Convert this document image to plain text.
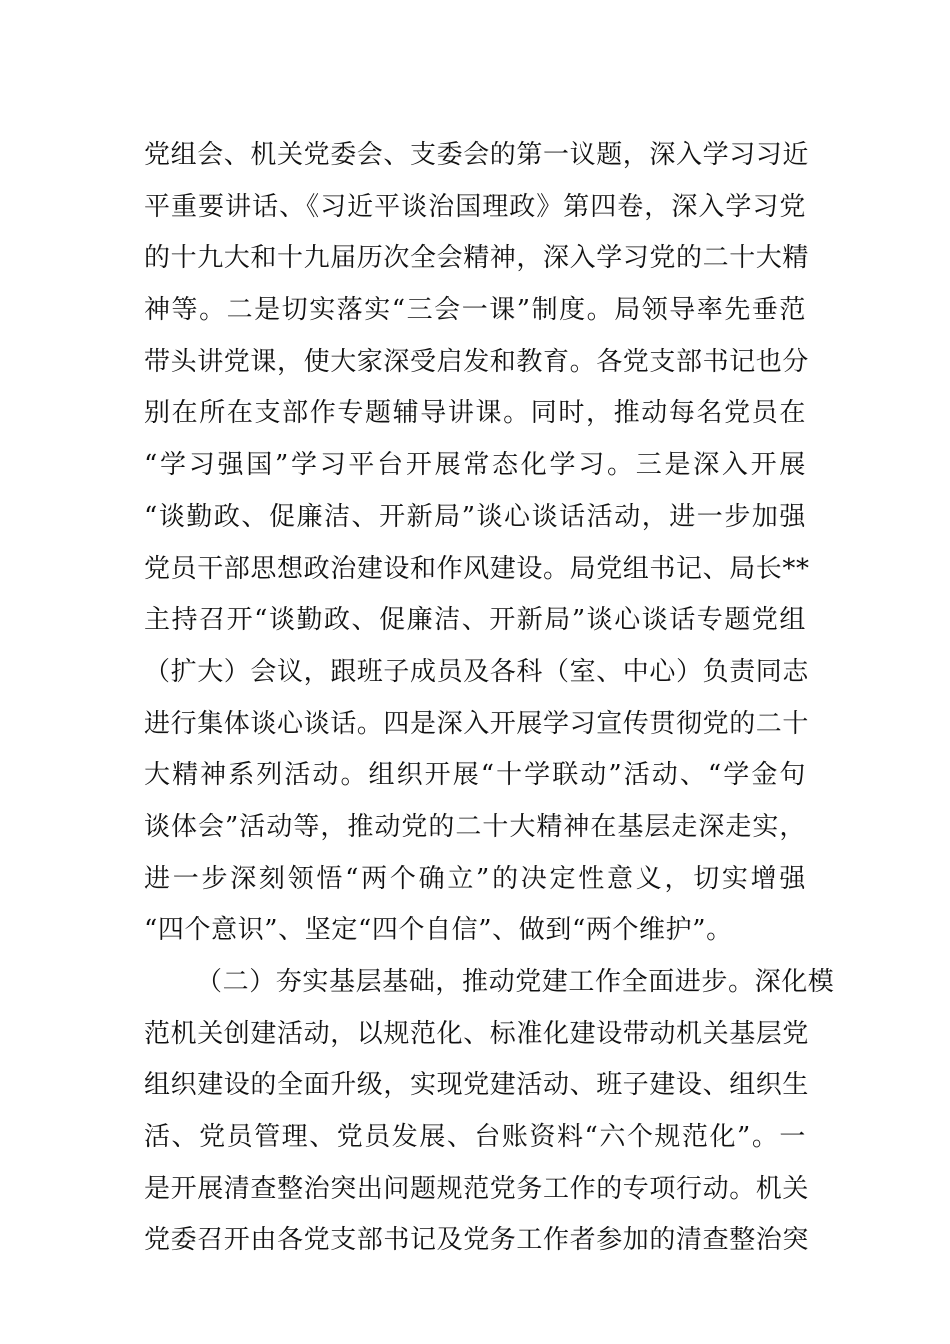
党组会、机关党委会、支委会的第一议题，深入学习习近
平重要讲话、《习近平谈治国理政》第四卷，深入学习党
的十九大和十九届历次全会精神，深入学习党的二十大精
神等。二是切实落实“三会一课”制度。局领导率先垂范
带头讲党课，使大家深受启发和教育。各党支部书记也分
别在所在支部作专题辅导讲课。同时，推动每名党员在
“学习强国”学习平台开展常态化学习。三是深入开展
“谈勤政、促廉洁、开新局”谈心谈话活动，进一步加强
党员干部思想政治建设和作风建设。局党组书记、局长**
主持召开“谈勤政、促廉洁、开新局”谈心谈话专题党组
（扩大）会议，跟班子成员及各科（室、中心）负责同志
进行集体谈心谈话。四是深入开展学习宣传贯彻党的二十
大精神系列活动。组织开展“十学联动”活动、“学金句
谈体会”活动等，推动党的二十大精神在基层走深走实，
进一步深刻领悟“两个确立”的决定性意义，切实增强
“四个意识”、坚定“四个自信”、做到“两个维护”。
（二）夯实基层基础，推动党建工作全面进步。深化模
范机关创建活动，以规范化、标准化建设带动机关基层党
组织建设的全面升级，实现党建活动、班子建设、组织生
活、党员管理、党员发展、台账资料“六个规范化”。一
是开展清查整治突出问题规范党务工作的专项行动。机关
党委召开由各党支部书记及党务工作者参加的清查整治突
